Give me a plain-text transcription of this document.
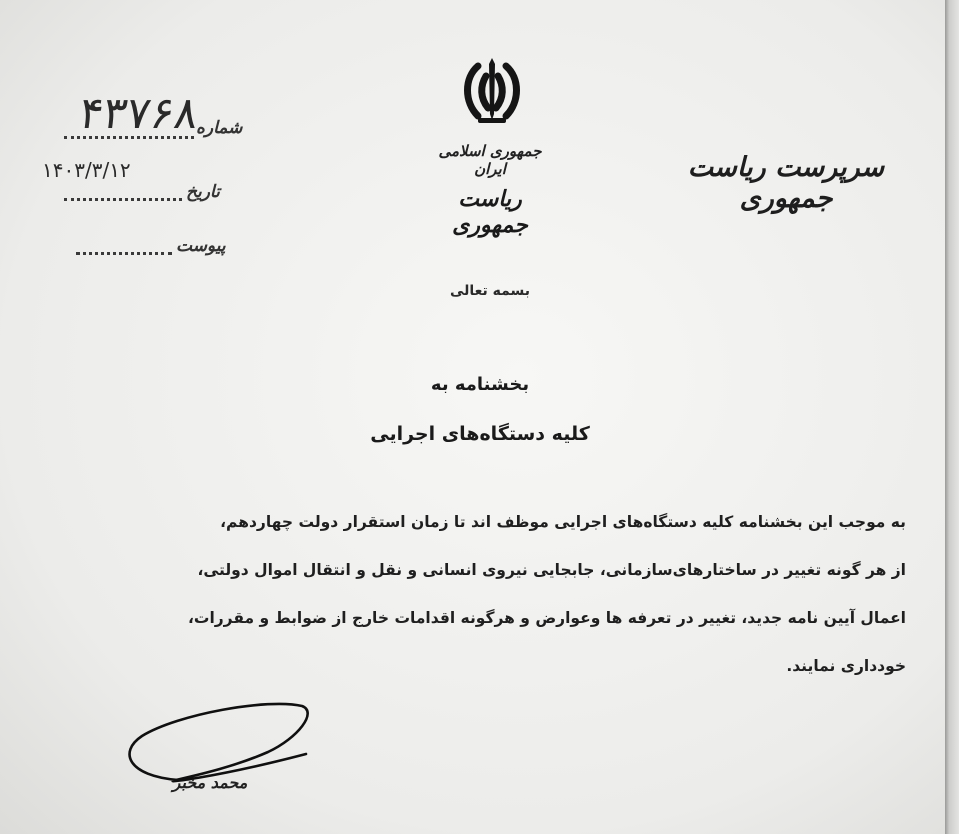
۴۳۷۶۸
شماره
۱۴۰۳/۳/۱۲
تاریخ
پیوست
جمهوری اسلامی ایران
ریاست جمهوری
سرپرست ریاست جمهوری
بسمه تعالی
بخشنامه به
کلیه دستگاه‌های اجرایی
به موجب این بخشنامه کلیه دستگاه‌های اجرایی موظف اند تا زمان استقرار دولت چهاردهم،
از هر گونه تغییر در ساختارهای‌سازمانی، جابجایی نیروی انسانی و نقل و انتقال اموال دولتی،
اعمال آیین نامه جدید، تغییر در تعرفه ها وعوارض و هرگونه اقدامات خارج از ضوابط و مقررات،
خودداری نمایند.
محمد مخبر
